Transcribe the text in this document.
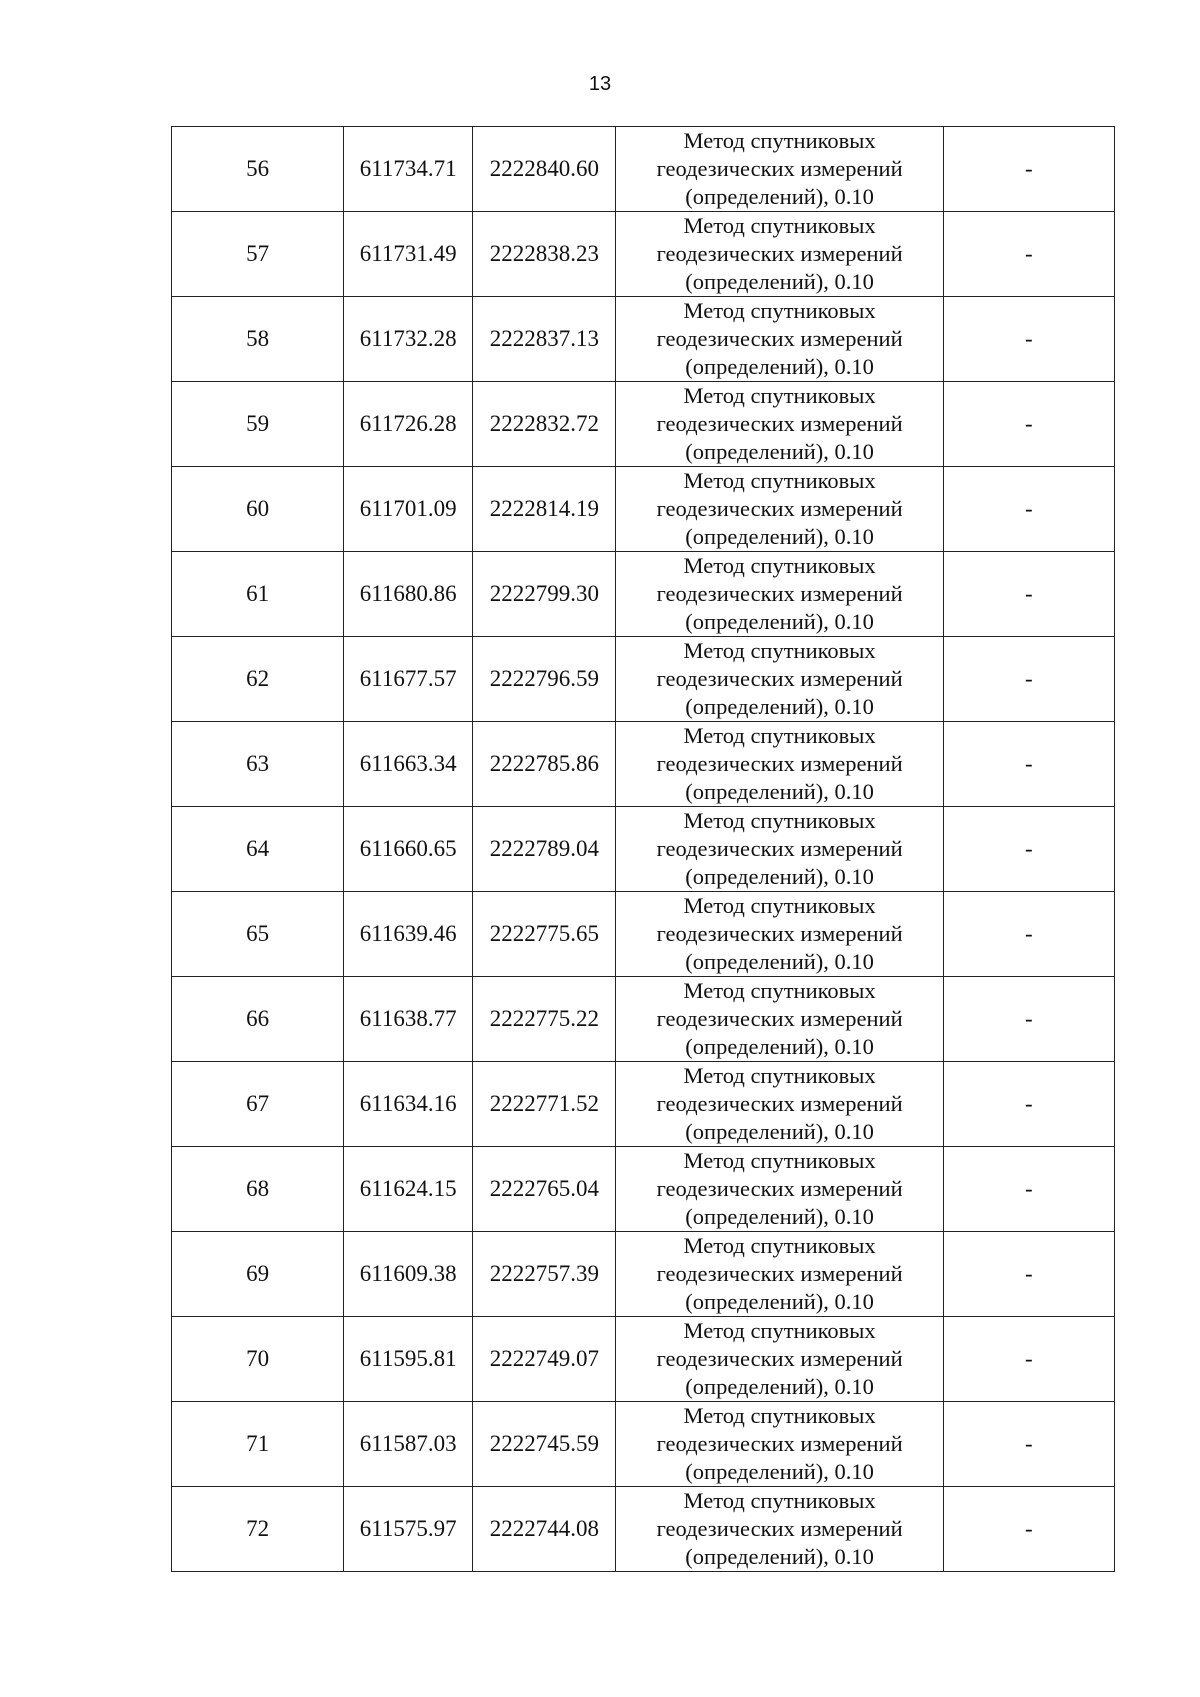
13
56	611734.71	2222840.60	Метод спутниковых
геодезических измерений
(определений), 0.10	-
57	611731.49	2222838.23	Метод спутниковых
геодезических измерений
(определений), 0.10	-
58	611732.28	2222837.13	Метод спутниковых
геодезических измерений
(определений), 0.10	-
59	611726.28	2222832.72	Метод спутниковых
геодезических измерений
(определений), 0.10	-
60	611701.09	2222814.19	Метод спутниковых
геодезических измерений
(определений), 0.10	-
61	611680.86	2222799.30	Метод спутниковых
геодезических измерений
(определений), 0.10	-
62	611677.57	2222796.59	Метод спутниковых
геодезических измерений
(определений), 0.10	-
63	611663.34	2222785.86	Метод спутниковых
геодезических измерений
(определений), 0.10	-
64	611660.65	2222789.04	Метод спутниковых
геодезических измерений
(определений), 0.10	-
65	611639.46	2222775.65	Метод спутниковых
геодезических измерений
(определений), 0.10	-
66	611638.77	2222775.22	Метод спутниковых
геодезических измерений
(определений), 0.10	-
67	611634.16	2222771.52	Метод спутниковых
геодезических измерений
(определений), 0.10	-
68	611624.15	2222765.04	Метод спутниковых
геодезических измерений
(определений), 0.10	-
69	611609.38	2222757.39	Метод спутниковых
геодезических измерений
(определений), 0.10	-
70	611595.81	2222749.07	Метод спутниковых
геодезических измерений
(определений), 0.10	-
71	611587.03	2222745.59	Метод спутниковых
геодезических измерений
(определений), 0.10	-
72	611575.97	2222744.08	Метод спутниковых
геодезических измерений
(определений), 0.10	-
